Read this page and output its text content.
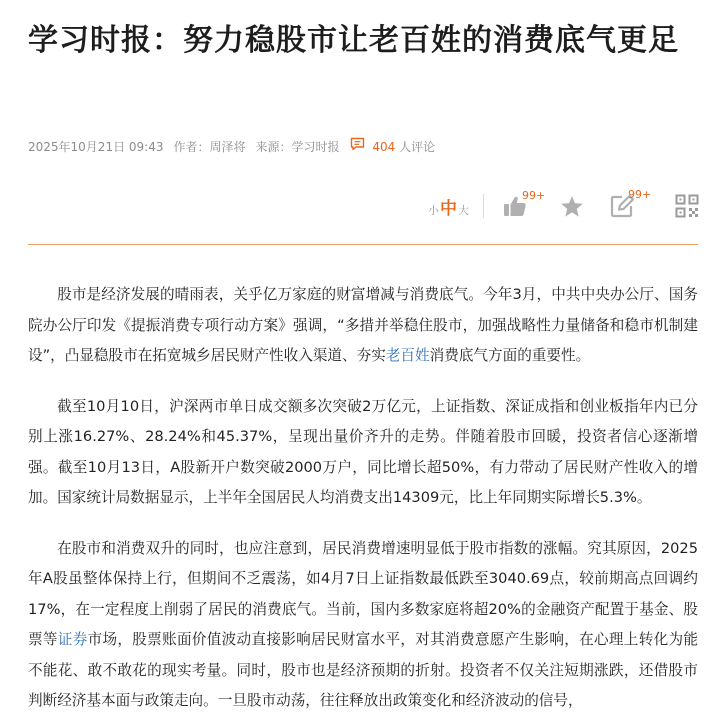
学习时报：努力稳股市让老百姓的消费底气更足
2025年10月21日 09:43 作者： 周泽将 来源： 学习时报	404 人评论
小 中 大
99+	99+

股市是经济发展的晴雨表，关乎亿万家庭的财富增减与消费底气。今年3月，中共中央办公厅、国务院办公厅印发《提振消费专项行动方案》强调，“多措并举稳住股市，加强战略性力量储备和稳市机制建设”，凸显稳股市在拓宽城乡居民财产性收入渠道、夯实老百姓消费底气方面的重要性。

截至10月10日，沪深两市单日成交额多次突破2万亿元，上证指数、深证成指和创业板指年内已分别上涨16.27%、28.24%和45.37%，呈现出量价齐升的走势。伴随着股市回暖，投资者信心逐渐增强。截至10月13日，A股新开户数突破2000万户，同比增长超50%，有力带动了居民财产性收入的增加。国家统计局数据显示，上半年全国居民人均消费支出14309元，比上年同期实际增长5.3%。

在股市和消费双升的同时，也应注意到，居民消费增速明显低于股市指数的涨幅。究其原因，2025年A股虽整体保持上行，但期间不乏震荡，如4月7日上证指数最低跌至3040.69点，较前期高点回调约17%，在一定程度上削弱了居民的消费底气。当前，国内多数家庭将超20%的金融资产配置于基金、股票等证券市场，股票账面价值波动直接影响居民财富水平，对其消费意愿产生影响，在心理上转化为能不能花、敢不敢花的现实考量。同时，股市也是经济预期的折射。投资者不仅关注短期涨跌，还借股市判断经济基本面与政策走向。一旦股市动荡，往往释放出政策变化和经济波动的信号，
